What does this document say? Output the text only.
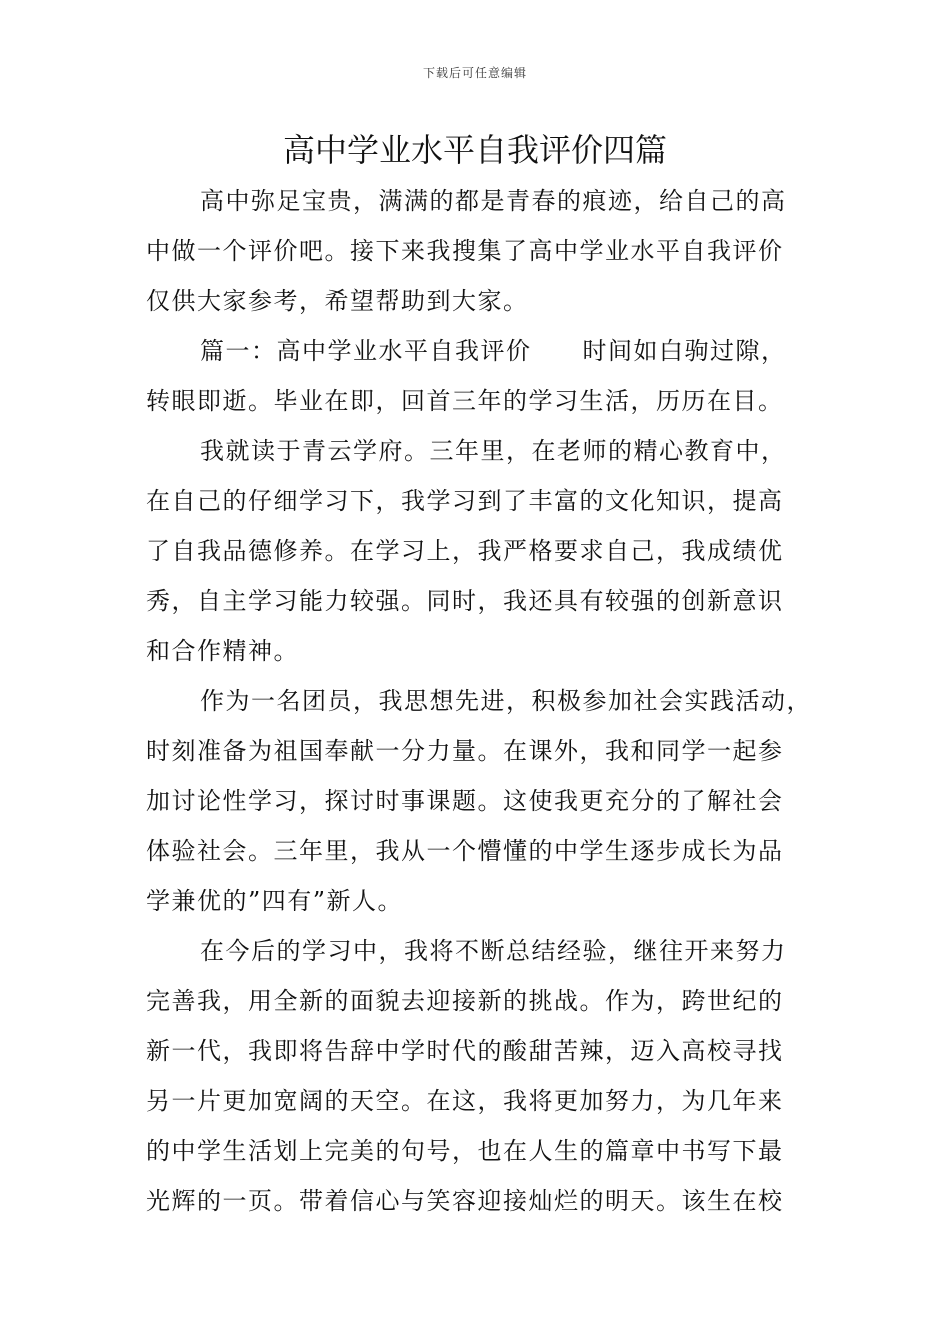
下载后可任意编辑
高中学业水平自我评价四篇
高中弥足宝贵，满满的都是青春的痕迹，给自己的高
中做一个评价吧。接下来我搜集了高中学业水平自我评价
仅供大家参考，希望帮助到大家。
篇一：高中学业水平自我评价　　时间如白驹过隙，
转眼即逝。毕业在即，回首三年的学习生活，历历在目。
我就读于青云学府。三年里，在老师的精心教育中，
在自己的仔细学习下，我学习到了丰富的文化知识，提高
了自我品德修养。在学习上，我严格要求自己，我成绩优
秀，自主学习能力较强。同时，我还具有较强的创新意识
和合作精神。
作为一名团员，我思想先进，积极参加社会实践活动，
时刻准备为祖国奉献一分力量。在课外，我和同学一起参
加讨论性学习，探讨时事课题。这使我更充分的了解社会
体验社会。三年里，我从一个懵懂的中学生逐步成长为品
学兼优的”四有”新人。
在今后的学习中，我将不断总结经验，继往开来努力
完善我，用全新的面貌去迎接新的挑战。作为，跨世纪的
新一代，我即将告辞中学时代的酸甜苦辣，迈入高校寻找
另一片更加宽阔的天空。在这，我将更加努力，为几年来
的中学生活划上完美的句号，也在人生的篇章中书写下最
光辉的一页。带着信心与笑容迎接灿烂的明天。该生在校
